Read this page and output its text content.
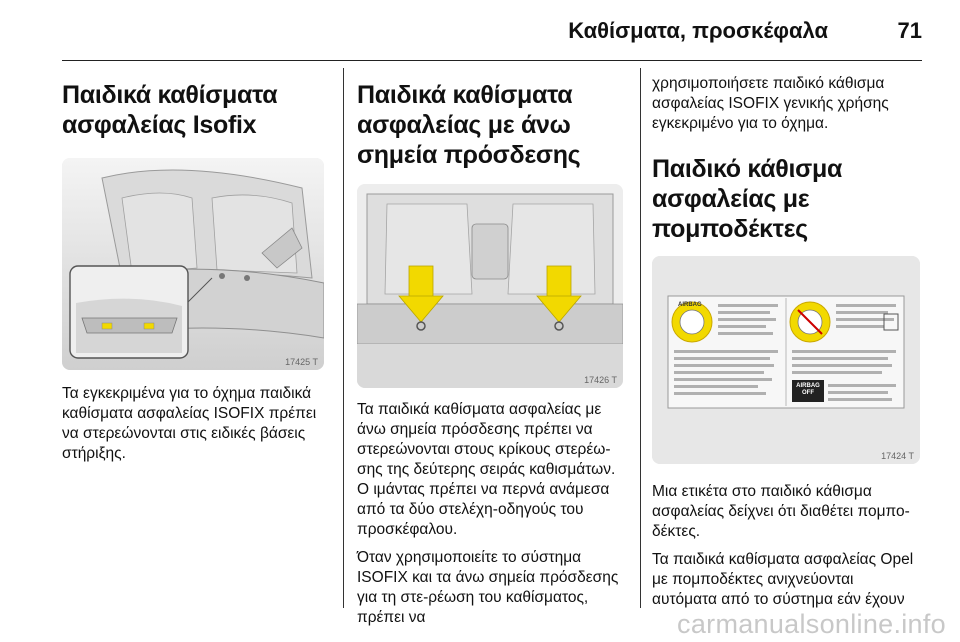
Καθίσματα, προσκέφαλα	71
Παιδικά καθίσματα ασφαλείας Isofix
17425 T

Τα εγκεκριμένα για το όχημα παιδικά καθίσματα ασφαλείας ISOFIX πρέπει να στερεώνονται στις ειδικές βάσεις στήριξης.

Παιδικά καθίσματα ασφαλείας με άνω σημεία πρόσδεσης
17426 T

Τα παιδικά καθίσματα ασφαλείας με άνω σημεία πρόσδεσης πρέπει να στερεώνονται στους κρίκους στερέω-σης της δεύτερης σειράς καθισμάτων. Ο ιμάντας πρέπει να περνά ανάμεσα από τα δύο στελέχη-οδηγούς του προσκέφαλου.

Όταν χρησιμοποιείτε το σύστημα ISOFIX και τα άνω σημεία πρόσδεσης για τη στε-ρέωση του καθίσματος, πρέπει να

χρησιμοποιήσετε παιδικό κάθισμα ασφαλείας ISOFIX γενικής χρήσης εγκεκριμένο για το όχημα.

Παιδικό κάθισμα ασφαλείας με πομποδέκτες
AIRBAG
AIRBAG OFF
17424 T

Μια ετικέτα στο παιδικό κάθισμα ασφαλείας δείχνει ότι διαθέτει πομπο-δέκτες.

Τα παιδικά καθίσματα ασφαλείας Opel με πομποδέκτες ανιχνεύονται αυτόματα από το σύστημα εάν έχουν

carmanualsonline.info
